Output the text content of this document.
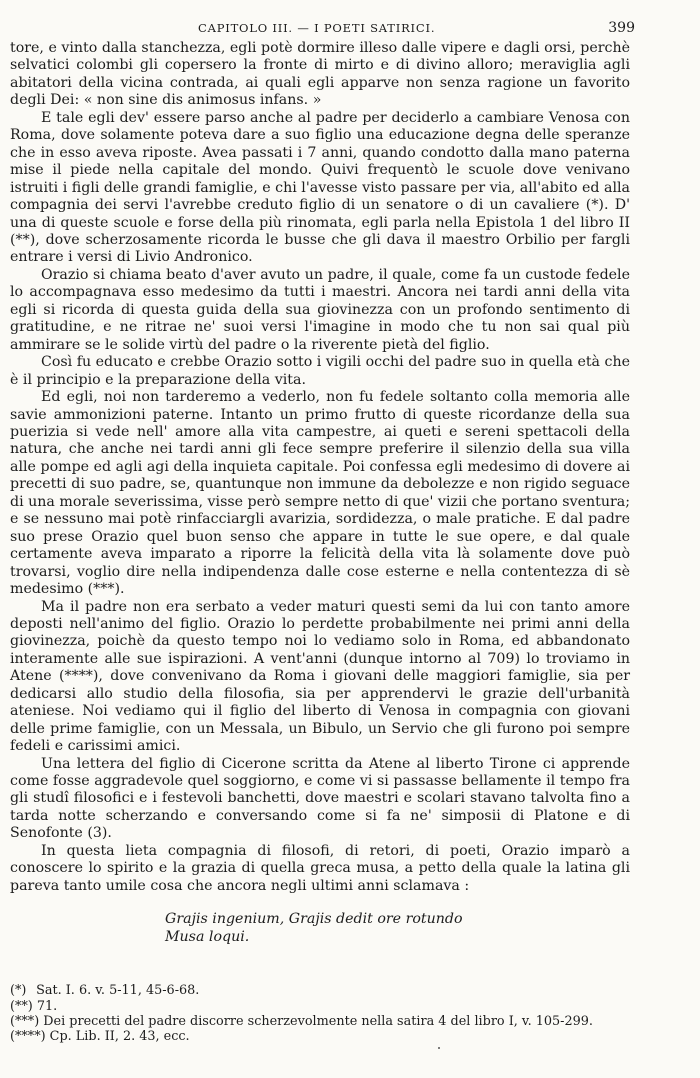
CAPITOLO III. — I POETI SATIRICI.	399

tore, e vinto dalla stanchezza, egli potè dormire illeso dalle vipere e dagli orsi, perchè selvatici colombi gli copersero la fronte di mirto e di divino alloro; meraviglia agli abitatori della vicina contrada, ai quali egli apparve non senza ragione un favorito degli Dei: « non sine dis animosus infans. »

E tale egli dev' essere parso anche al padre per deciderlo a cambiare Venosa con Roma, dove solamente poteva dare a suo figlio una educazione degna delle speranze che in esso aveva riposte. Avea passati i 7 anni, quando condotto dalla mano paterna mise il piede nella capitale del mondo. Quivi frequentò le scuole dove venivano istruiti i figli delle grandi famiglie, e chi l'avesse visto passare per via, all'abito ed alla compagnia dei servi l'avrebbe creduto figlio di un senatore o di un cavaliere (*). D' una di queste scuole e forse della più rinomata, egli parla nella Epistola 1 del libro II (**), dove scherzosamente ricorda le busse che gli dava il maestro Orbilio per fargli entrare i versi di Livio Andronico.

Orazio si chiama beato d'aver avuto un padre, il quale, come fa un custode fedele lo accompagnava esso medesimo da tutti i maestri. Ancora nei tardi anni della vita egli si ricorda di questa guida della sua giovinezza con un profondo sentimento di gratitudine, e ne ritrae ne' suoi versi l'imagine in modo che tu non sai qual più ammirare se le solide virtù del padre o la riverente pietà del figlio.

Così fu educato e crebbe Orazio sotto i vigili occhi del padre suo in quella età che è il principio e la preparazione della vita.

Ed egli, noi non tarderemo a vederlo, non fu fedele soltanto colla memoria alle savie ammonizioni paterne. Intanto un primo frutto di queste ricordanze della sua puerizia si vede nell' amore alla vita campestre, ai queti e sereni spettacoli della natura, che anche nei tardi anni gli fece sempre preferire il silenzio della sua villa alle pompe ed agli agi della inquieta capitale. Poi confessa egli medesimo di dovere ai precetti di suo padre, se, quantunque non immune da debolezze e non rigido seguace di una morale severissima, visse però sempre netto di que' vizii che portano sventura; e se nessuno mai potè rinfacciargli avarizia, sordidezza, o male pratiche. E dal padre suo prese Orazio quel buon senso che appare in tutte le sue opere, e dal quale certamente aveva imparato a riporre la felicità della vita là solamente dove può trovarsi, voglio dire nella indipendenza dalle cose esterne e nella contentezza di sè medesimo (***).

Ma il padre non era serbato a veder maturi questi semi da lui con tanto amore deposti nell'animo del figlio. Orazio lo perdette probabilmente nei primi anni della giovinezza, poichè da questo tempo noi lo vediamo solo in Roma, ed abbandonato interamente alle sue ispirazioni. A vent'anni (dunque intorno al 709) lo troviamo in Atene (****), dove convenivano da Roma i giovani delle maggiori famiglie, sia per dedicarsi allo studio della filosofia, sia per apprendervi le grazie dell'urbanità ateniese. Noi vediamo qui il figlio del liberto di Venosa in compagnia con giovani delle prime famiglie, con un Messala, un Bibulo, un Servio che gli furono poi sempre fedeli e carissimi amici.

Una lettera del figlio di Cicerone scritta da Atene al liberto Tirone ci apprende come fosse aggradevole quel soggiorno, e come vi si passasse bellamente il tempo fra gli studî filosofici e i festevoli banchetti, dove maestri e scolari stavano talvolta fino a tarda notte scherzando e conversando come si fa ne' simposii di Platone e di Senofonte (3).

In questa lieta compagnia di filosofi, di retori, di poeti, Orazio imparò a conoscere lo spirito e la grazia di quella greca musa, a petto della quale la latina gli pareva tanto umile cosa che ancora negli ultimi anni sclamava :

Grajis ingenium, Grajis dedit ore rotundo
Musa loqui.
(*) Sat. I. 6. v. 5-11, 45-6-68.
(**) 71.
(***) Dei precetti del padre discorre scherzevolmente nella satira 4 del libro I, v. 105-299.
(****) Cp. Lib. II, 2. 43, ecc.
